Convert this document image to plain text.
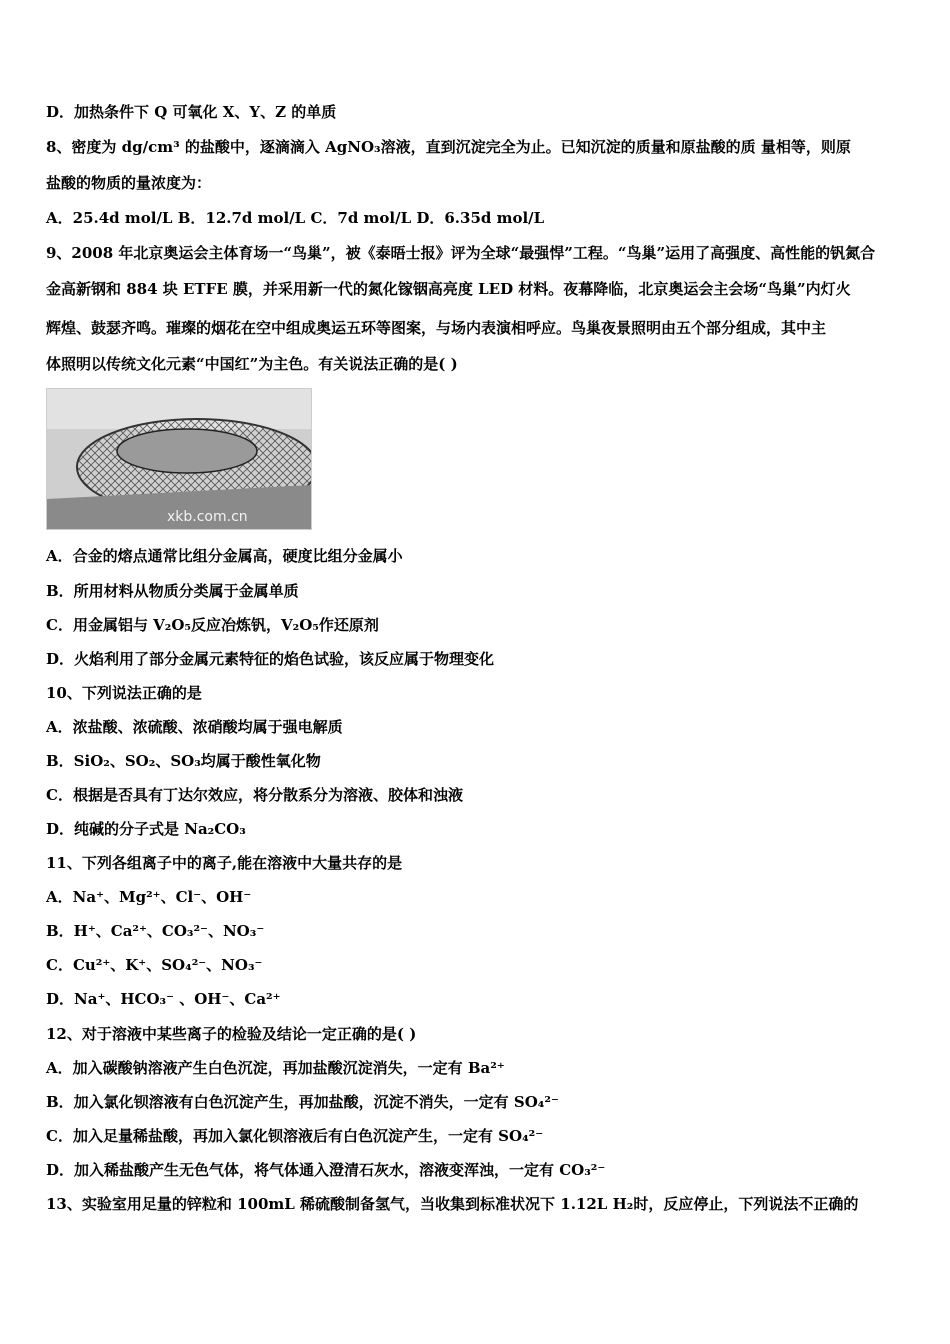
D．加热条件下 Q 可氧化 X、Y、Z 的单质
8、密度为 dg/cm³ 的盐酸中，逐滴滴入 AgNO₃溶液，直到沉淀完全为止。已知沉淀的质量和原盐酸的质 量相等，则原
盐酸的物质的量浓度为：
A．25.4d mol/L B．12.7d mol/L C．7d mol/L D．6.35d mol/L
9、2008 年北京奥运会主体育场一“鸟巢”，被《泰晤士报》评为全球“最强悍”工程。“鸟巢”运用了高强度、高性能的钒氮合
金高新钢和 884 块 ETFE 膜，并采用新一代的氮化镓铟高亮度 LED 材料。夜幕降临，北京奥运会主会场“鸟巢”内灯火
辉煌、鼓瑟齐鸣。璀璨的烟花在空中组成奥运五环等图案，与场内表演相呼应。鸟巢夜景照明由五个部分组成，其中主
体照明以传统文化元素“中国红”为主色。有关说法正确的是( )
xkb.com.cn
A．合金的熔点通常比组分金属高，硬度比组分金属小
B．所用材料从物质分类属于金属单质
C．用金属铝与 V₂O₅反应冶炼钒，V₂O₅作还原剂
D．火焰利用了部分金属元素特征的焰色试验，该反应属于物理变化
10、下列说法正确的是
A．浓盐酸、浓硫酸、浓硝酸均属于强电解质
B．SiO₂、SO₂、SO₃均属于酸性氧化物
C．根据是否具有丁达尔效应，将分散系分为溶液、胶体和浊液
D．纯碱的分子式是 Na₂CO₃
11、下列各组离子中的离子,能在溶液中大量共存的是
A．Na⁺、Mg²⁺、Cl⁻、OH⁻
B．H⁺、Ca²⁺、CO₃²⁻、NO₃⁻
C．Cu²⁺、K⁺、SO₄²⁻、NO₃⁻
D．Na⁺、HCO₃⁻ 、OH⁻、Ca²⁺
12、对于溶液中某些离子的检验及结论一定正确的是( )
A．加入碳酸钠溶液产生白色沉淀，再加盐酸沉淀消失，一定有 Ba²⁺
B．加入氯化钡溶液有白色沉淀产生，再加盐酸，沉淀不消失，一定有 SO₄²⁻
C．加入足量稀盐酸，再加入氯化钡溶液后有白色沉淀产生，一定有 SO₄²⁻
D．加入稀盐酸产生无色气体，将气体通入澄清石灰水，溶液变浑浊，一定有 CO₃²⁻
13、实验室用足量的锌粒和 100mL 稀硫酸制备氢气，当收集到标准状况下 1.12L H₂时，反应停止，下列说法不正确的
